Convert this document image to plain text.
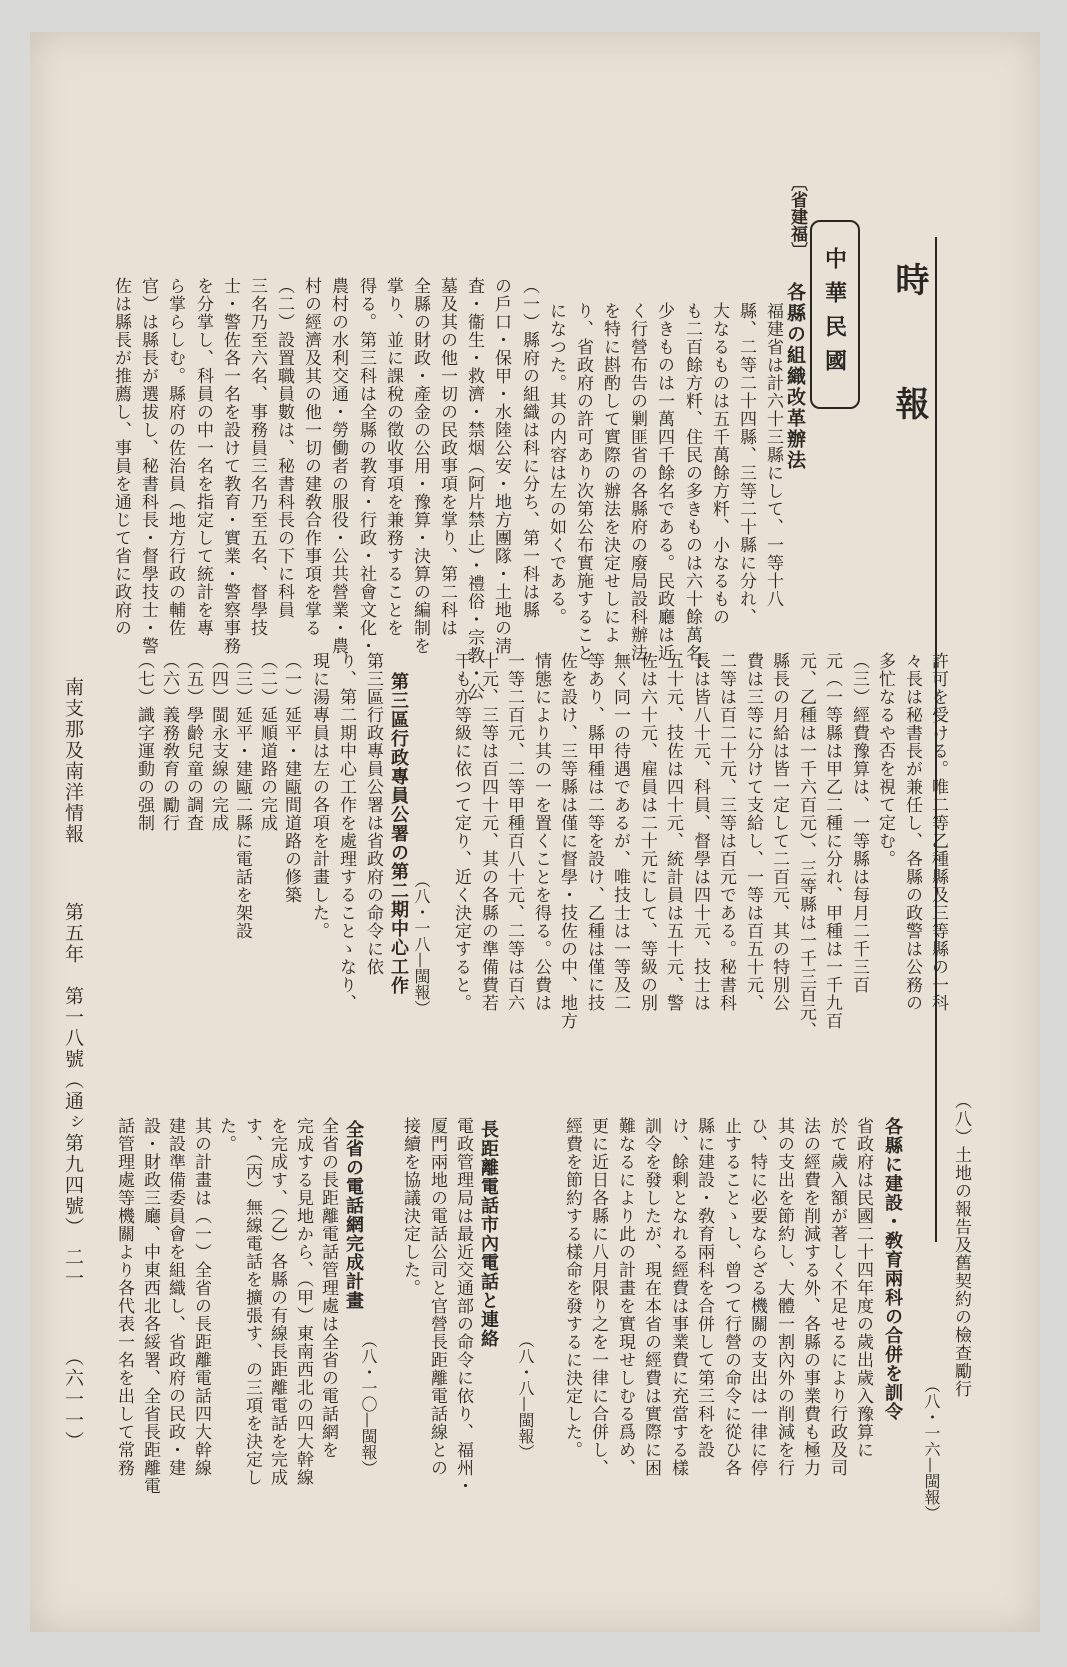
時報
中華民國
〔省建福〕
各縣の組織改革辦法
第三區行政專員公署の第二期中心工作 （八・一八—閩報）
各縣に建設・敎育兩科の合併を訓令
（八・一六—閩報）
長距離電話市內電話と連絡
（八・八—閩報）
全省の電話網完成計畫
（八・一〇—閩報）
南支那及南洋情報
第五年　第一八號（通ㇱ第九四號）
二一
（六一一）
福建省は計六十三縣にして、一等十八
縣、二等二十四縣、三等二十縣に分れ、
大なるものは五千萬餘方粁、小なるもの
も二百餘方粁、住民の多きものは六十餘萬名、
少きものは一萬四千餘名である。民政廳は近
く行營布告の剿匪省の各縣府の廢局設科辦法
を特に斟酌して實際の辦法を決定せしによ
り、省政府の許可あり次第公布實施すること
になつた。其の内容は左の如くである。
（一）縣府の組織は科に分ち、第一科は縣
の戶口・保甲・水陸公安・地方團隊・土地の淸
査・衞生・救濟・禁烟（阿片禁止）・禮俗・宗教・公
墓及其の他一切の民政事項を掌り、第二科は
全縣の財政・產金の公用・豫算・決算の編制を
掌り、並に課稅の徵收事項を兼務することを
得る。第三科は全縣の教育・行政・社會文化・
農村の水利交通・勞働者の服役・公共營業・農
村の經濟及其の他一切の建敎合作事項を掌る
（二）設置職員數は、秘書科長の下に科員
三名乃至六名、事務員三名乃至五名、督學技
士・警佐各一名を設けて教育・實業・警察事務
を分掌し、科員の中一名を指定して統計を專
ら掌らしむ。縣府の佐治員（地方行政の輔佐
官）は縣長が選拔し、秘書科長・督學技士・警
佐は縣長が推薦し、事員を通じて省に政府の
許可を受ける。唯二等乙種縣及三等縣の一科
々長は秘書長が兼任し、各縣の政警は公務の
多忙なるや否を視て定む。
（三）經費豫算は、一等縣は每月二千三百
元（一等縣は甲乙二種に分れ、甲種は一千九百
元、乙種は一千六百元）、三等縣は一千三百元、
縣長の月給は皆一定して二百元、其の特別公
費は三等に分けて支給し、一等は百五十元、
二等は百二十元、三等は百元である。秘書科
長は皆八十元、科員、督學は四十元、技士は
五十元、技佐は四十元、統計員は五十元、警
佐は六十元、雇員は二十元にして、等級の別
無く同一の待遇であるが、唯技士は一等及二
等あり、縣甲種は二等を設け、乙種は僅に技
佐を設け、三等縣は僅に督學・技佐の中、地方
情態により其の一を置くことを得る。公費は
一等二百元、二等甲種百八十元、二等は百六
十元、三等は百四十元、其の各縣の準備費若
干も亦等級に依つて定り、近く決定すると。
第三區行政專員公署は省政府の命令に依
り、第二期中心工作を處理することゝなり、
現に湯專員は左の各項を計畫した。
（一）延平・建甌間道路の修築
（二）延順道路の完成
（三）延平・建甌二縣に電話を架設
（四）閩永支線の完成
（五）學齡兒童の調査
（六）義務敎育の勵行
（七）識字運動の强制
（八）土地の報告及舊契約の檢查勵行
省政府は民國二十四年度の歲出歲入豫算に
於て歲入額が著しく不足せるにより行政及司
法の經費を削減する外、各縣の事業費も極力
其の支出を節約し、大體一割內外の削減を行
ひ、特に必要ならざる機關の支出は一律に停
止することゝし、曾つて行營の命令に從ひ各
縣に建設・敎育兩科を合併して第三科を設
け、餘剩となれる經費は事業費に充當する樣
訓令を發したが、現在本省の經費は實際に困
難なるにより此の計畫を實現せしむる爲め、
更に近日各縣に八月限り之を一律に合併し、
經費を節約する樣命を發するに決定した。
電政管理局は最近交通部の命令に依り、福州・
厦門兩地の電話公司と官營長距離電話線との
接續を協議決定した。
全省の長距離電話管理處は全省の電話網を
完成する見地から、（甲）東南西北の四大幹線
を完成す、（乙）各縣の有線長距離電話を完成
す、（丙）無線電話を擴張す、の三項を決定し
た。
其の計畫は（一）全省の長距離電話四大幹線
建設準備委員會を組織し、省政府の民政・建
設・財政三廳、中東西北各綏署、全省長距離電
話管理處等機關より各代表一名を出して常務
